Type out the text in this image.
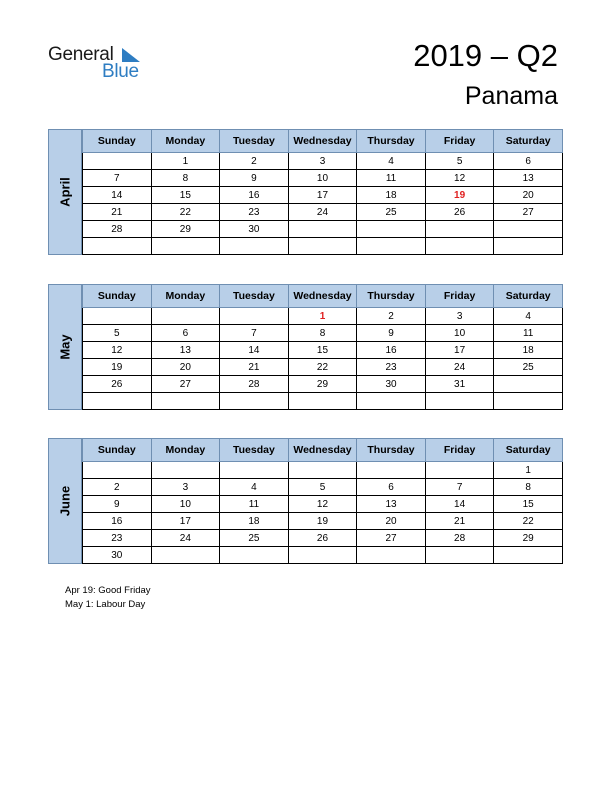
General
Blue	2019 – Q2
Panama
April
Sunday	Monday	Tuesday	Wednesday	Thursday	Friday	Saturday
	1	2	3	4	5	6
7	8	9	10	11	12	13
14	15	16	17	18	19	20
21	22	23	24	25	26	27
28	29	30				

May
Sunday	Monday	Tuesday	Wednesday	Thursday	Friday	Saturday
			1	2	3	4
5	6	7	8	9	10	11
12	13	14	15	16	17	18
19	20	21	22	23	24	25
26	27	28	29	30	31	

June
Sunday	Monday	Tuesday	Wednesday	Thursday	Friday	Saturday
						1
2	3	4	5	6	7	8
9	10	11	12	13	14	15
16	17	18	19	20	21	22
23	24	25	26	27	28	29
30						
Apr 19: Good Friday
May 1: Labour Day
